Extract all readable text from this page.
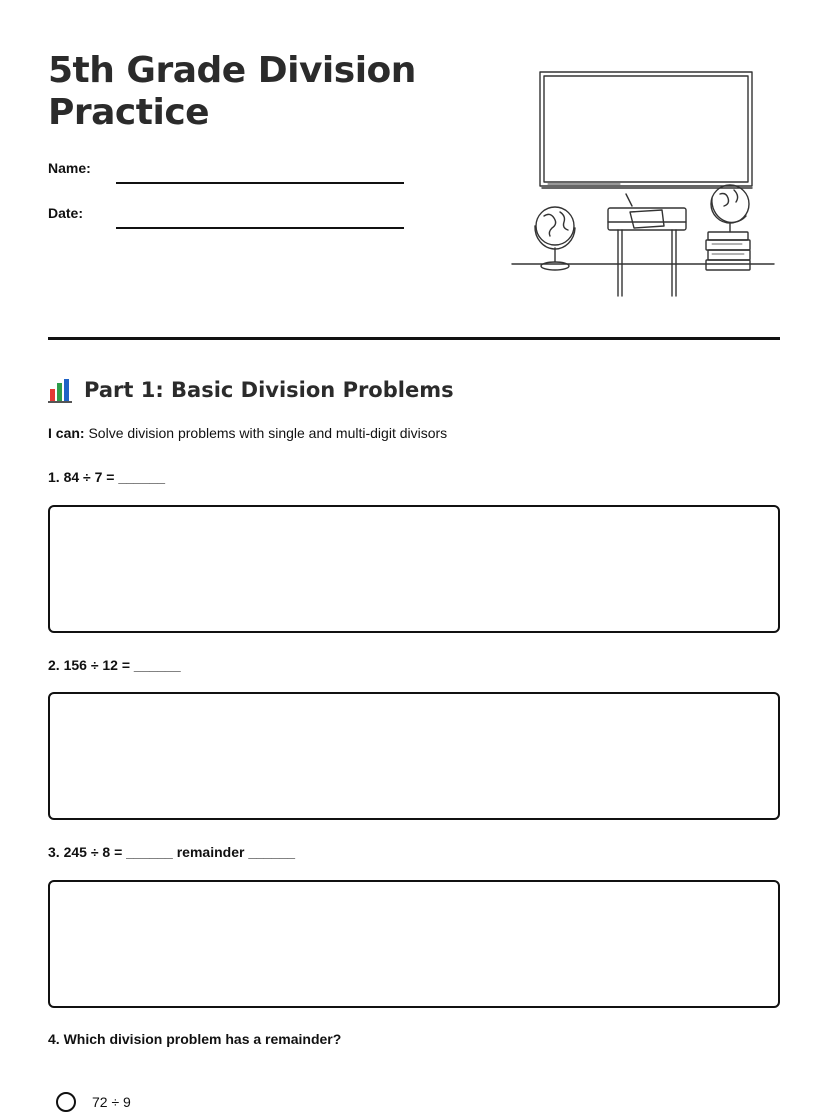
5th Grade Division Practice
Name:
Date:
Part 1: Basic Division Problems
I can: Solve division problems with single and multi-digit divisors
1. 84 ÷ 7 = ______
2. 156 ÷ 12 = ______
3. 245 ÷ 8 = ______ remainder ______
4. Which division problem has a remainder?
72 ÷ 9
